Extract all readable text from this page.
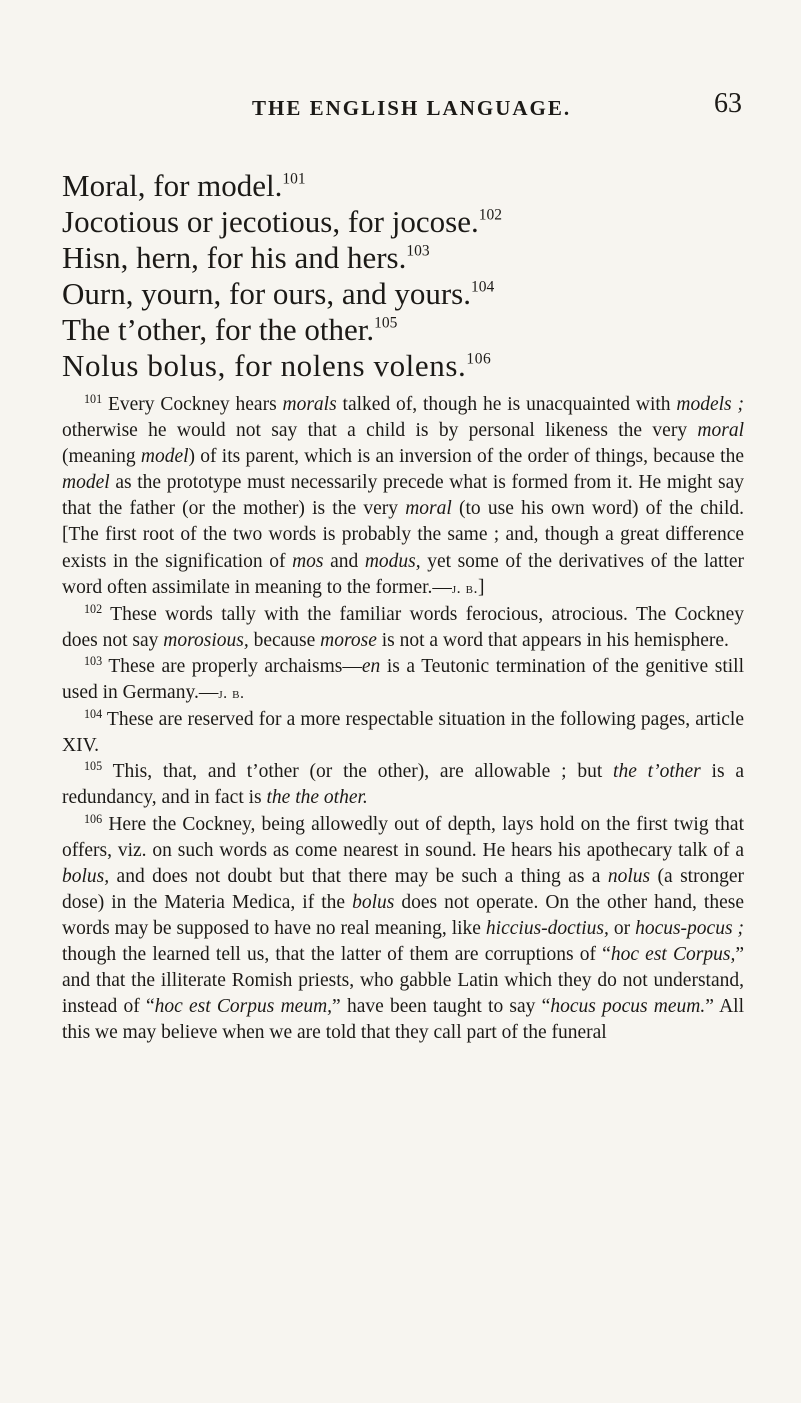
THE ENGLISH LANGUAGE.	63
Moral, for model.$^{101}$
Jocotious or jecotious, for jocose.$^{102}$
Hisn, hern, for his and hers.$^{103}$
Ourn, yourn, for ours, and yours.$^{104}$
The t’other, for the other.$^{105}$
Nolus bolus, for nolens volens.$^{106}$

$^{101}$ Every Cockney hears morals talked of, though he is unacquainted with models ; otherwise he would not say that a child is by personal likeness the very moral (meaning model) of its parent, which is an inversion of the order of things, because the model as the prototype must necessarily precede what is formed from it. He might say that the father (or the mother) is the very moral (to use his own word) of the child. [The first root of the two words is probably the same ; and, though a great difference exists in the signification of mos and modus, yet some of the derivatives of the latter word often assimilate in meaning to the former.—j. b.]

$^{102}$ These words tally with the familiar words ferocious, atrocious. The Cockney does not say morosious, because morose is not a word that appears in his hemisphere.

$^{103}$ These are properly archaisms—en is a Teutonic termination of the genitive still used in Germany.—j. b.

$^{104}$ These are reserved for a more respectable situation in the following pages, article XIV.

$^{105}$ This, that, and t’other (or the other), are allowable ; but the t’other is a redundancy, and in fact is the the other.

$^{106}$ Here the Cockney, being allowedly out of depth, lays hold on the first twig that offers, viz. on such words as come nearest in sound. He hears his apothecary talk of a bolus, and does not doubt but that there may be such a thing as a nolus (a stronger dose) in the Materia Medica, if the bolus does not operate. On the other hand, these words may be supposed to have no real meaning, like hiccius-doctius, or hocus-pocus ; though the learned tell us, that the latter of them are corruptions of “hoc est Corpus,” and that the illiterate Romish priests, who gabble Latin which they do not understand, instead of “hoc est Corpus meum,” have been taught to say “hocus pocus meum.” All this we may believe when we are told that they call part of the funeral
